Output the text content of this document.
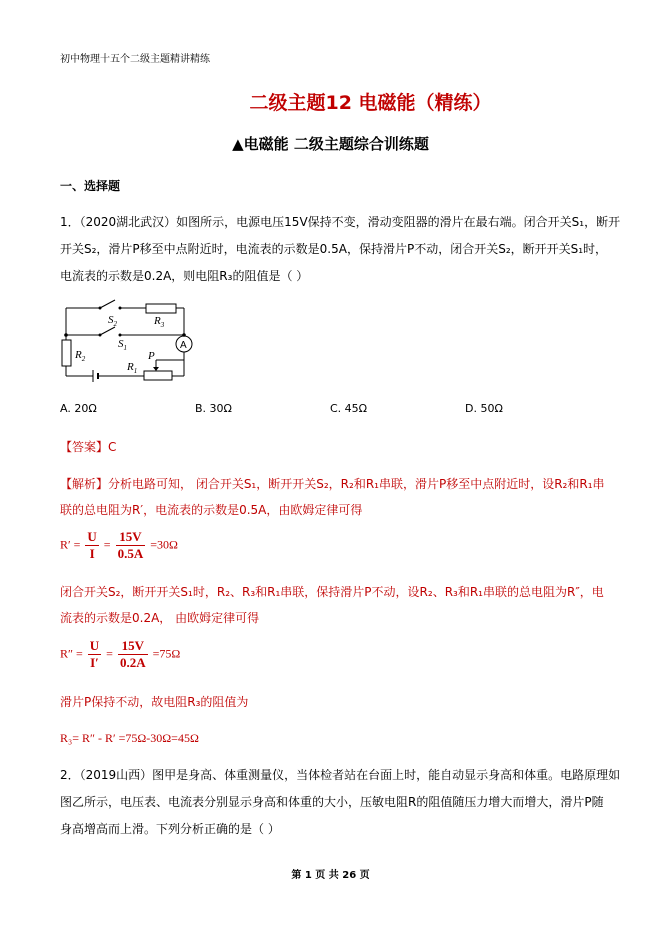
初中物理十五个二级主题精讲精练
二级主题12 电磁能（精练）
▲电磁能 二级主题综合训练题
一、选择题
1．（2020湖北武汉）如图所示，电源电压15V保持不变，滑动变阻器的滑片在最右端。闭合开关S₁，断开
开关S₂，滑片P移至中点附近时，电流表的示数是0.5A，保持滑片P不动，闭合开关S₂，断开开关S₁时，
电流表的示数是0.2A，则电阻R₃的阻值是（ ）
$S_2$	$R_3$
$S_1$
$R_2$	P
$R_1$
A
A. 20Ω	B. 30Ω	C. 45Ω	D. 50Ω
【答案】C
【解析】分析电路可知， 闭合开关S₁，断开开关S₂，R₂和R₁串联，滑片P移至中点附近时，设R₂和R₁串
联的总电阻为R′，电流表的示数是0.5A，由欧姆定律可得
$R' = \frac{U}{I} = \frac{15V}{0.5A} =30\Omega$
闭合开关S₂，断开开关S₁时，R₂、R₃和R₁串联，保持滑片P不动，设R₂、R₃和R₁串联的总电阻为R″，电
流表的示数是0.2A， 由欧姆定律可得
$R'' = \frac{U}{I'} = \frac{15V}{0.2A} =75\Omega$
滑片P保持不动，故电阻R₃的阻值为
R₃= R″ - R′ =75Ω-30Ω=45Ω
2．（2019山西）图甲是身高、体重测量仪，当体检者站在台面上时，能自动显示身高和体重。电路原理如
图乙所示，电压表、电流表分别显示身高和体重的大小，压敏电阻R的阻值随压力增大而增大，滑片P随
身高增高而上滑。下列分析正确的是（ ）
第 1 页 共 26 页
